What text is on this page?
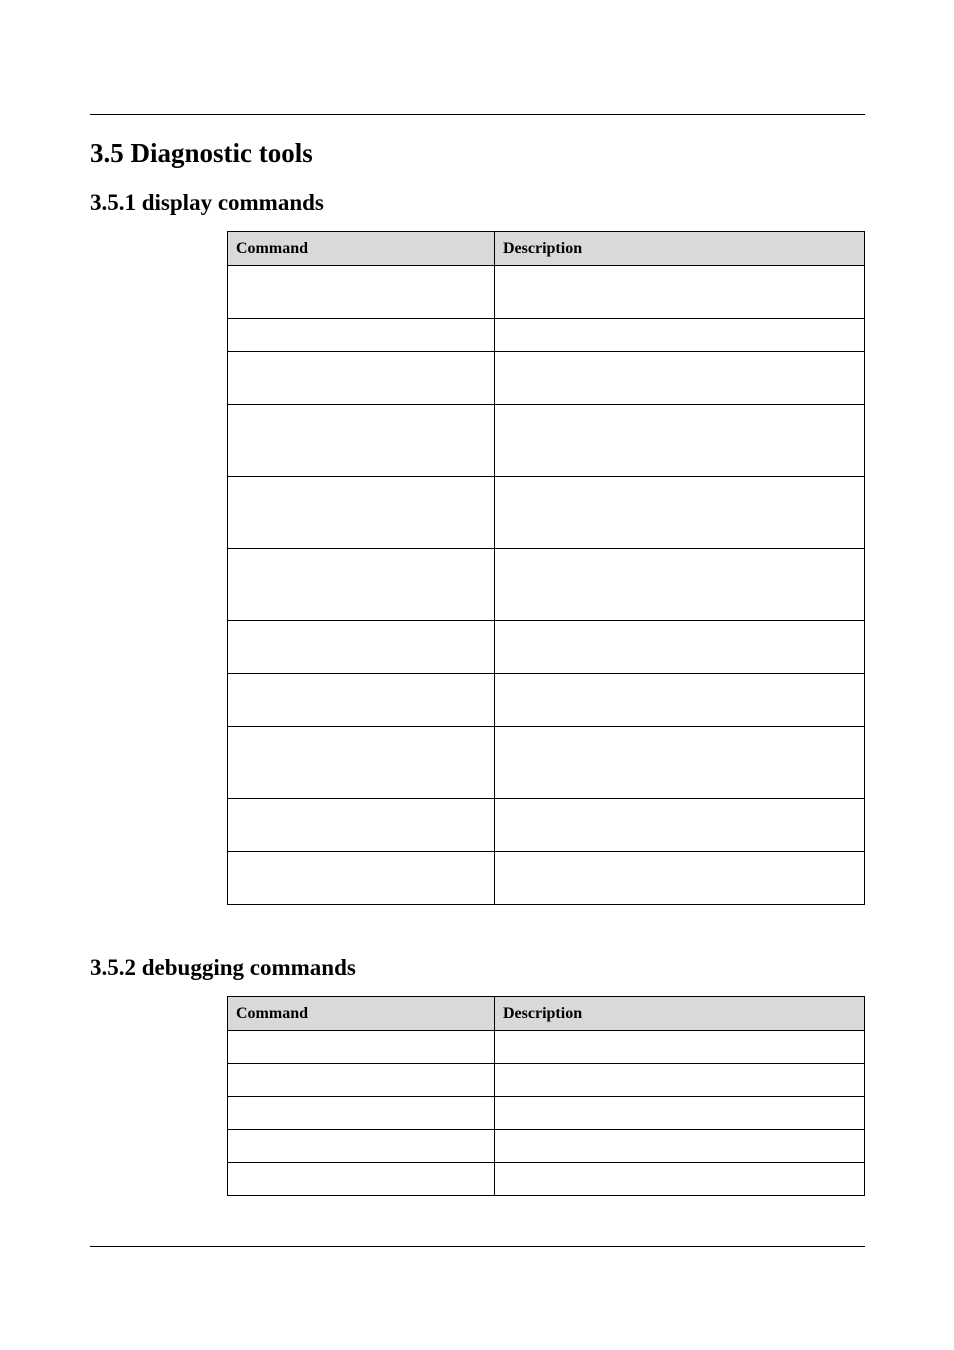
3.5 Diagnostic tools
3.5.1 display commands
Command	Description

3.5.2 debugging commands
Command	Description
